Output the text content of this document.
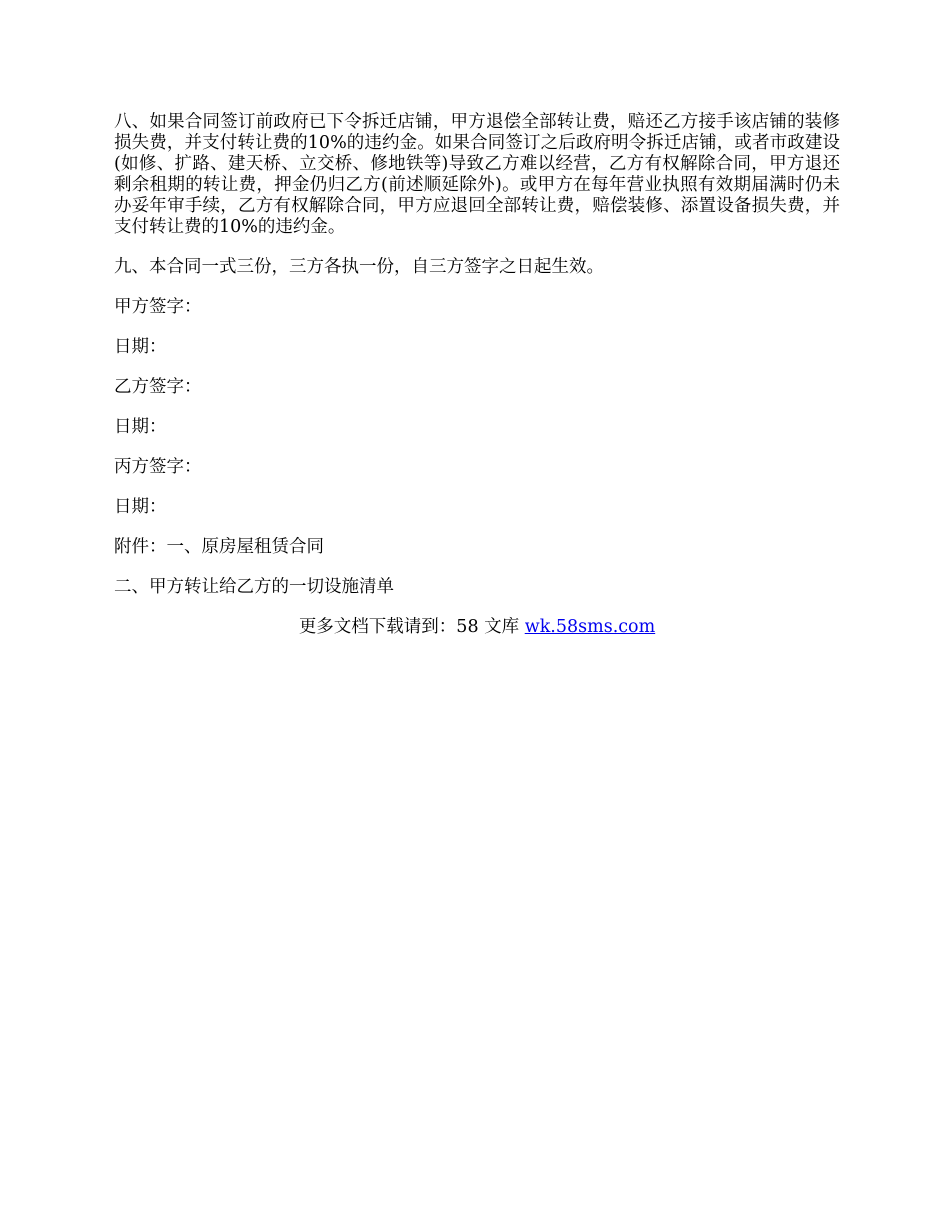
八、如果合同签订前政府已下令拆迁店铺，甲方退偿全部转让费，赔还乙方接手该店铺的装修损失费，并支付转让费的10%的违约金。如果合同签订之后政府明令拆迁店铺，或者市政建设(如修、扩路、建天桥、立交桥、修地铁等)导致乙方难以经营，乙方有权解除合同，甲方退还剩余租期的转让费，押金仍归乙方(前述顺延除外)。或甲方在每年营业执照有效期届满时仍未办妥年审手续，乙方有权解除合同，甲方应退回全部转让费，赔偿装修、添置设备损失费，并支付转让费的10%的违约金。

九、本合同一式三份，三方各执一份，自三方签字之日起生效。

甲方签字：

日期：

乙方签字：

日期：

丙方签字：

日期：

附件：一、原房屋租赁合同

二、甲方转让给乙方的一切设施清单

更多文档下载请到：58 文库 wk.58sms.com
